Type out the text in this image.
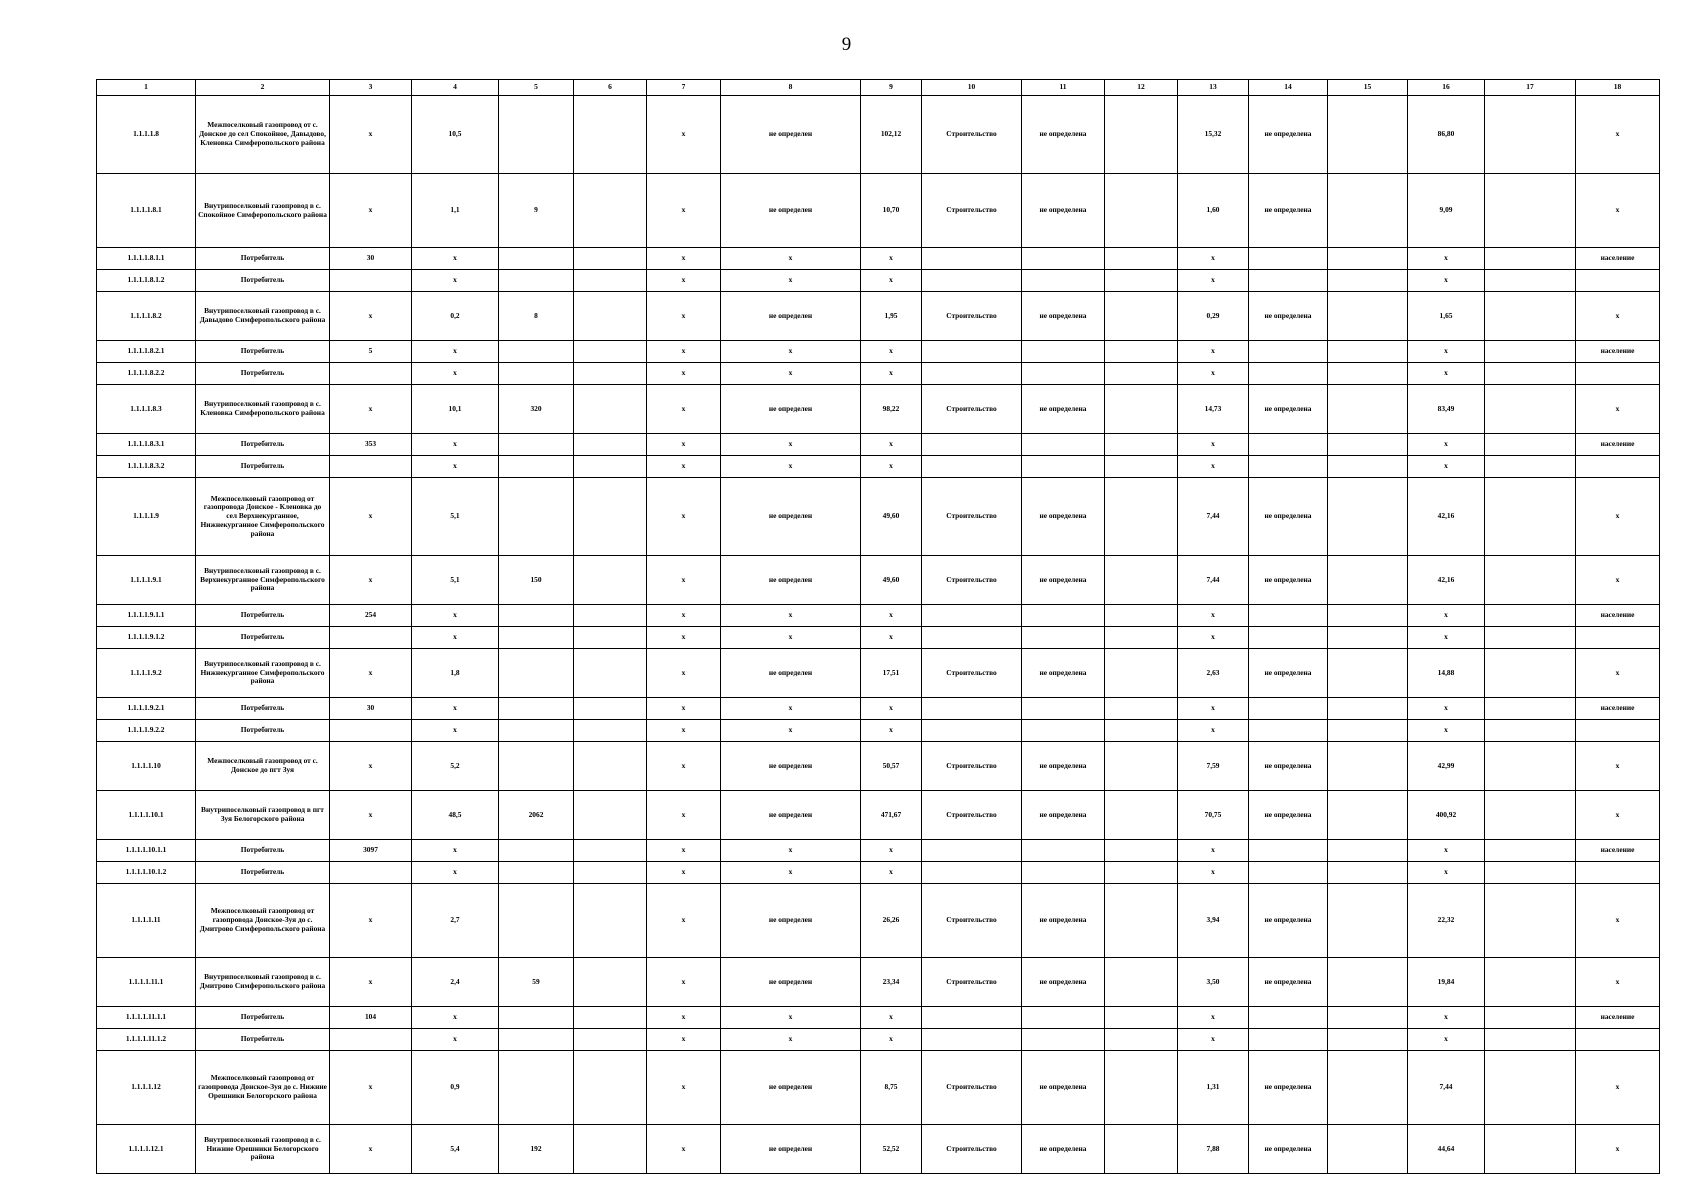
9
1	2	3	4	5	6	7	8	9	10	11	12	13	14	15	16	17	18
1.1.1.1.8	Межпоселковый газопровод от с. Донское до сел Спокойное, Давыдово, Кленовка Симферопольского района	х	10,5			х	не определен	102,12	Строительство	не определена		15,32	не определена		86,80		х
1.1.1.1.8.1	Внутрипоселковый газопровод в с. Спокойное Симферопольского района	х	1,1	9		х	не определен	10,70	Строительство	не определена		1,60	не определена		9,09		х
1.1.1.1.8.1.1	Потребитель	30	х			х	х	х				х			х		население
1.1.1.1.8.1.2	Потребитель		х			х	х	х				х			х		
1.1.1.1.8.2	Внутрипоселковый газопровод в с. Давыдово Симферопольского района	х	0,2	8		х	не определен	1,95	Строительство	не определена		0,29	не определена		1,65		х
1.1.1.1.8.2.1	Потребитель	5	х			х	х	х				х			х		население
1.1.1.1.8.2.2	Потребитель		х			х	х	х				х			х		
1.1.1.1.8.3	Внутрипоселковый газопровод в с. Кленовка Симферопольского района	х	10,1	320		х	не определен	98,22	Строительство	не определена		14,73	не определена		83,49		х
1.1.1.1.8.3.1	Потребитель	353	х			х	х	х				х			х		население
1.1.1.1.8.3.2	Потребитель		х			х	х	х				х			х		
1.1.1.1.9	Межпоселковый газопровод от газопровода Донское - Кленовка до сел Верхнекурганное, Нижнекурганное Симферопольского района	х	5,1			х	не определен	49,60	Строительство	не определена		7,44	не определена		42,16		х
1.1.1.1.9.1	Внутрипоселковый газопровод в с. Верхнекурганное Симферопольского района	х	5,1	150		х	не определен	49,60	Строительство	не определена		7,44	не определена		42,16		х
1.1.1.1.9.1.1	Потребитель	254	х			х	х	х				х			х		население
1.1.1.1.9.1.2	Потребитель		х			х	х	х				х			х		
1.1.1.1.9.2	Внутрипоселковый газопровод в с. Нижнекурганное Симферопольского района	х	1,8			х	не определен	17,51	Строительство	не определена		2,63	не определена		14,88		х
1.1.1.1.9.2.1	Потребитель	30	х			х	х	х				х			х		население
1.1.1.1.9.2.2	Потребитель		х			х	х	х				х			х		
1.1.1.1.10	Межпоселковый газопровод от с. Донское до пгт Зуя	х	5,2			х	не определен	50,57	Строительство	не определена		7,59	не определена		42,99		х
1.1.1.1.10.1	Внутрипоселковый газопровод в пгт Зуя Белогорского района	х	48,5	2062		х	не определен	471,67	Строительство	не определена		70,75	не определена		400,92		х
1.1.1.1.10.1.1	Потребитель	3097	х			х	х	х				х			х		население
1.1.1.1.10.1.2	Потребитель		х			х	х	х				х			х		
1.1.1.1.11	Межпоселковый газопровод от газопровода Донское-Зуя до с. Дмитрово Симферопольского района	х	2,7			х	не определен	26,26	Строительство	не определена		3,94	не определена		22,32		х
1.1.1.1.11.1	Внутрипоселковый газопровод в с. Дмитрово Симферопольского района	х	2,4	59		х	не определен	23,34	Строительство	не определена		3,50	не определена		19,84		х
1.1.1.1.11.1.1	Потребитель	104	х			х	х	х				х			х		население
1.1.1.1.11.1.2	Потребитель		х			х	х	х				х			х		
1.1.1.1.12	Межпоселковый газопровод от газопровода Донское-Зуя до с. Нижние Орешники Белогорского района	х	0,9			х	не определен	8,75	Строительство	не определена		1,31	не определена		7,44		х
1.1.1.1.12.1	Внутрипоселковый газопровод в с. Нижние Орешники Белогорского района	х	5,4	192		х	не определен	52,52	Строительство	не определена		7,88	не определена		44,64		х
